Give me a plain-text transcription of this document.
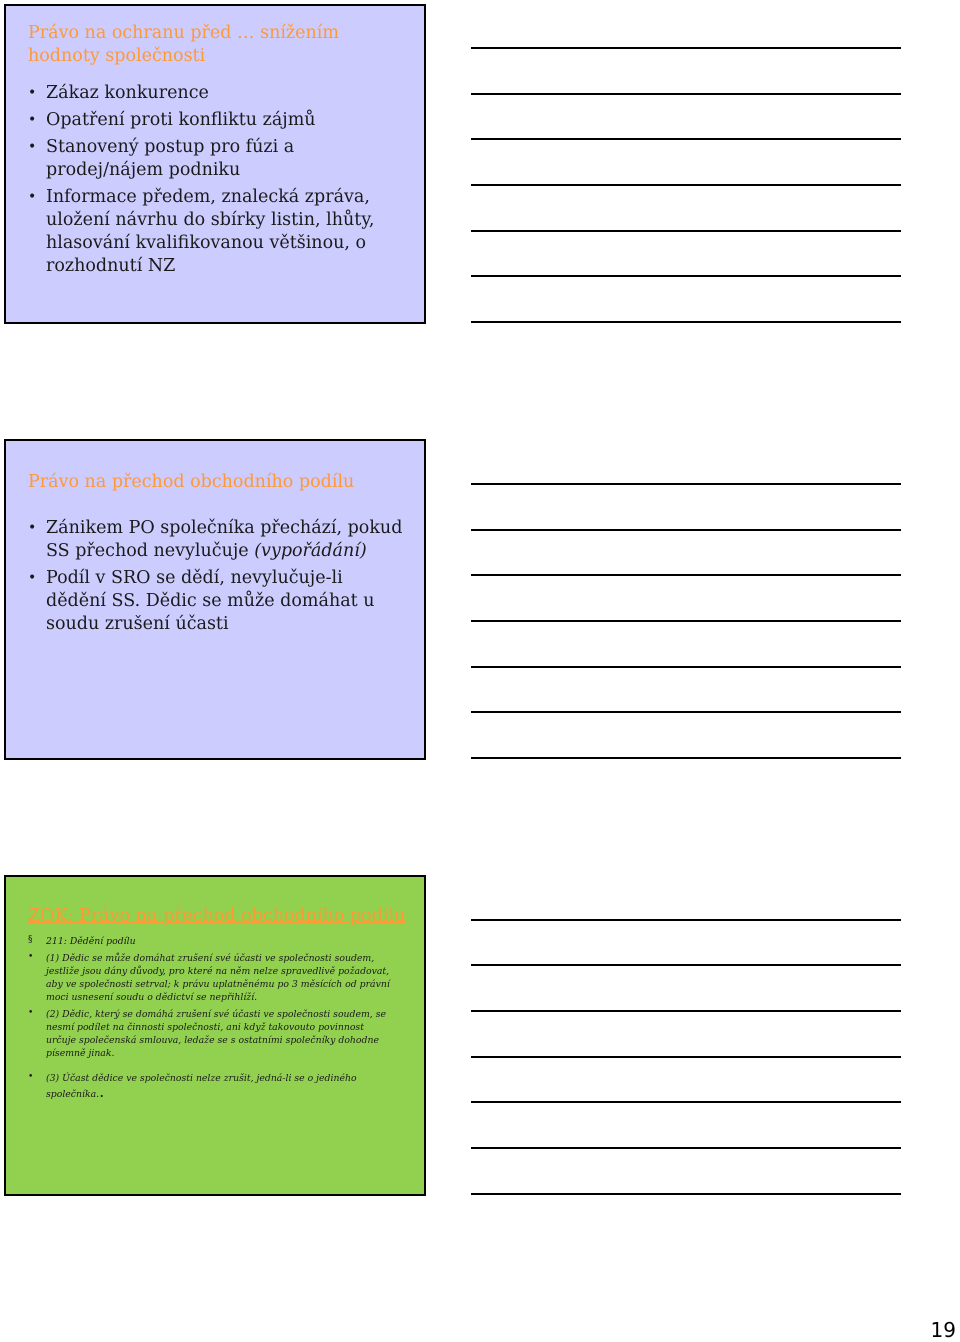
Právo na ochranu před … snížením hodnoty společnosti
• Zákaz konkurence
• Opatření proti konfliktu zájmů
• Stanovený postup pro fúzi a prodej/nájem podniku
• Informace předem, znalecká zpráva, uložení návrhu do sbírky listin, lhůty, hlasování kvalifikovanou většinou, o rozhodnutí NZ
Právo na přechod obchodního podílu
• Zánikem PO společníka přechází, pokud SS přechod nevylučuje (vypořádání)
• Podíl v SRO se dědí, nevylučuje-li dědění SS. Dědic se může domáhat u soudu zrušení účasti
ZOK: Právo na přechod obchodního podílu
§ 211: Dědění podílu
• (1) Dědic se může domáhat zrušení své účasti ve společnosti soudem, jestliže jsou dány důvody, pro které na něm nelze spravedlivě požadovat, aby ve společnosti setrval; k právu uplatněnému po 3 měsících od právní moci usnesení soudu o dědictví se nepřihlíží.
• (2) Dědic, který se domáhá zrušení své účasti ve společnosti soudem, se nesmí podílet na činnosti společnosti, ani když takovouto povinnost určuje společenská smlouva, ledaže se s ostatními společníky dohodne písemně jinak.
• (3) Účast dědice ve společnosti nelze zrušit, jedná-li se o jediného společníka..
19
